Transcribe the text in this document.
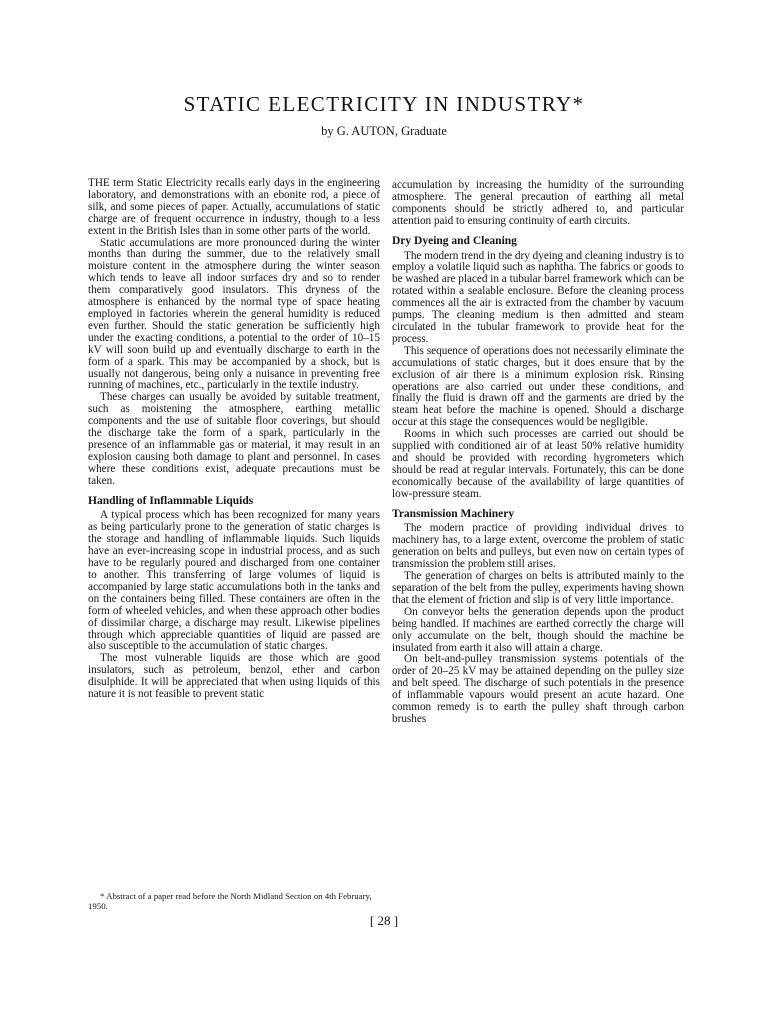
STATIC ELECTRICITY IN INDUSTRY*

by G. AUTON, Graduate

THE term Static Electricity recalls early days in the engineering laboratory, and demonstrations with an ebonite rod, a piece of silk, and some pieces of paper. Actually, accumulations of static charge are of frequent occurrence in industry, though to a less extent in the British Isles than in some other parts of the world.

Static accumulations are more pronounced during the winter months than during the summer, due to the relatively small moisture content in the atmosphere during the winter season which tends to leave all indoor surfaces dry and so to render them comparatively good insulators. This dryness of the atmosphere is enhanced by the normal type of space heating employed in factories wherein the general humidity is reduced even further. Should the static generation be sufficiently high under the exacting conditions, a potential to the order of 10–15 kV will soon build up and eventually discharge to earth in the form of a spark. This may be accompanied by a shock, but is usually not dangerous, being only a nuisance in preventing free running of machines, etc., particularly in the textile industry.

These charges can usually be avoided by suitable treatment, such as moistening the atmosphere, earthing metallic components and the use of suitable floor coverings, but should the discharge take the form of a spark, particularly in the presence of an inflammable gas or material, it may result in an explosion causing both damage to plant and personnel. In cases where these conditions exist, adequate precautions must be taken.

Handling of Inflammable Liquids

A typical process which has been recognized for many years as being particularly prone to the generation of static charges is the storage and handling of inflammable liquids. Such liquids have an ever-increasing scope in industrial process, and as such have to be regularly poured and discharged from one container to another. This transferring of large volumes of liquid is accompanied by large static accumulations both in the tanks and on the containers being filled. These containers are often in the form of wheeled vehicles, and when these approach other bodies of dissimilar charge, a discharge may result. Likewise pipelines through which appreciable quantities of liquid are passed are also susceptible to the accumulation of static charges.

The most vulnerable liquids are those which are good insulators, such as petroleum, benzol, ether and carbon disulphide. It will be appreciated that when using liquids of this nature it is not feasible to prevent static

* Abstract of a paper read before the North Midland Section on 4th February, 1950.

accumulation by increasing the humidity of the surrounding atmosphere. The general precaution of earthing all metal components should be strictly adhered to, and particular attention paid to ensuring continuity of earth circuits.

Dry Dyeing and Cleaning

The modern trend in the dry dyeing and cleaning industry is to employ a volatile liquid such as naphtha. The fabrics or goods to be washed are placed in a tubular barrel framework which can be rotated within a sealable enclosure. Before the cleaning process commences all the air is extracted from the chamber by vacuum pumps. The cleaning medium is then admitted and steam circulated in the tubular framework to provide heat for the process.

This sequence of operations does not necessarily eliminate the accumulations of static charges, but it does ensure that by the exclusion of air there is a minimum explosion risk. Rinsing operations are also carried out under these conditions, and finally the fluid is drawn off and the garments are dried by the steam heat before the machine is opened. Should a discharge occur at this stage the consequences would be negligible.

Rooms in which such processes are carried out should be supplied with conditioned air of at least 50% relative humidity and should be provided with recording hygrometers which should be read at regular intervals. Fortunately, this can be done economically because of the availability of large quantities of low-pressure steam.

Transmission Machinery

The modern practice of providing individual drives to machinery has, to a large extent, overcome the problem of static generation on belts and pulleys, but even now on certain types of transmission the problem still arises.

The generation of charges on belts is attributed mainly to the separation of the belt from the pulley, experiments having shown that the element of friction and slip is of very little importance.

On conveyor belts the generation depends upon the product being handled. If machines are earthed correctly the charge will only accumulate on the belt, though should the machine be insulated from earth it also will attain a charge.

On belt-and-pulley transmission systems potentials of the order of 20–25 kV may be attained depending on the pulley size and belt speed. The discharge of such potentials in the presence of inflammable vapours would present an acute hazard. One common remedy is to earth the pulley shaft through carbon brushes

[ 28 ]
